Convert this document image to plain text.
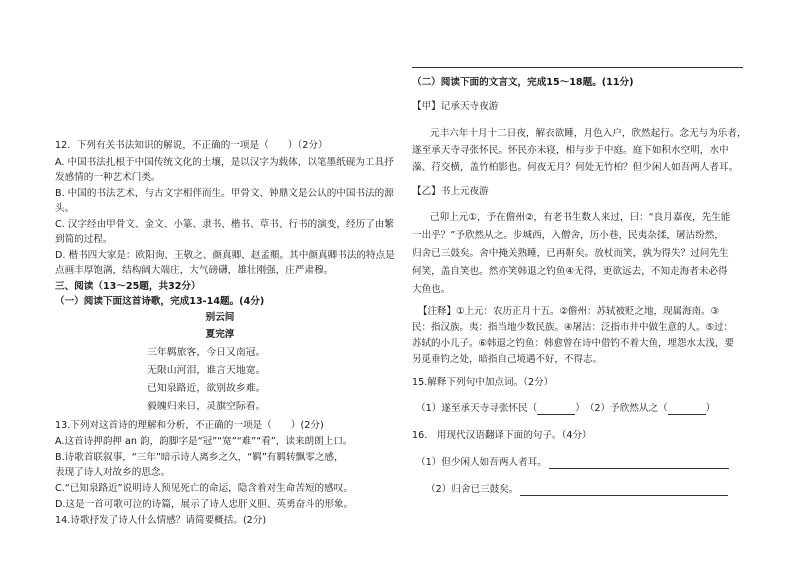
12．下列有关书法知识的解说，不正确的一项是（　　）（2分）
A. 中国书法扎根于中国传统文化的土壤，是以汉字为载体，以笔墨纸砚为工具抒
发感情的一种艺术门类。
B. 中国的书法艺术，与古文字相伴而生。甲骨文、钟鼎文是公认的中国书法的源
头。
C. 汉字经由甲骨文、金文、小篆、隶书、楷书、草书、行书的演变，经历了由繁
到简的过程。
D. 楷书四大家是：欧阳询、王敬之、颜真卿、赵孟頫。其中颜真卿书法的特点是
点画丰厚饱满，结构阔大端庄，大气磅礴，雄壮刚强，庄严肃穆。
三、阅读（13～25题，共32分）
（一）阅读下面这首诗歌，完成13-14题。(4分)
别云间
夏完淳
三年羁旅客，今日又南冠。
无限山河泪，谁言天地宽。
已知泉路近，欲别故乡难。
毅魄归来日，灵旗空际看。
13.下列对这首诗的理解和分析，不正确的一项是（　　）(2分)
A.这首诗押韵押 an 韵，韵脚字是“冠”“宽”“难”“看”，读来朗朗上口。
B.诗歌首联叙事，“三年”暗示诗人离乡之久，“羁”有羁转飘零之感，
表现了诗人对故乡的思念。
C.“已知泉路近”说明诗人预见死亡的命运，隐含着对生命苦短的感叹。
D.这是一首可歌可泣的诗篇，展示了诗人忠肝义胆、英勇奋斗的形象。
14.诗歌抒发了诗人什么情感？请简要概括。(2分)
（二）阅读下面的文言文，完成15～18题。(11分)
【甲】记承天寺夜游
元丰六年十月十二日夜，解衣欲睡，月色入户，欣然起行。念无与为乐者，
遂至承天寺寻张怀民。怀民亦未寝，相与步于中庭。庭下如积水空明，水中
藻、荇交横，盖竹柏影也。何夜无月？何处无竹柏？但少闲人如吾两人者耳。
【乙】书上元夜游
己卯上元①，予在儋州②，有老书生数人来过，曰：“良月嘉夜，先生能
一出乎？”予欣然从之。步城西，入僧舍，历小巷，民夷杂揉，屠沽纷然，
归舍已三鼓矣。舍中掩关熟睡，已再鼾矣。放杖而笑，孰为得失？过问先生
何笑，盖自笑也。然亦笑韩退之钓鱼④无得，更欲远去，不知走海者未必得
大鱼也。
【注释】①上元：农历正月十五。②儋州：苏轼被贬之地，现属海南。③
民：指汉族。夷：指当地少数民族。④屠沽：泛指市井中做生意的人。⑤过：
苏轼的小儿子。⑥韩退之钓鱼：韩愈曾在诗中借钓不着大鱼，埋怨水太浅，要
另觅垂钓之处，暗指自己境遇不好，不得志。
15.解释下列句中加点词。（2分）
（1）遂至承天寺寻张怀民（	）　（2）予欣然从之（	）
16.　用现代汉语翻译下面的句子。（4分）
（1）但少闲人如吾两人者耳。
（2）归舍已三鼓矣。
